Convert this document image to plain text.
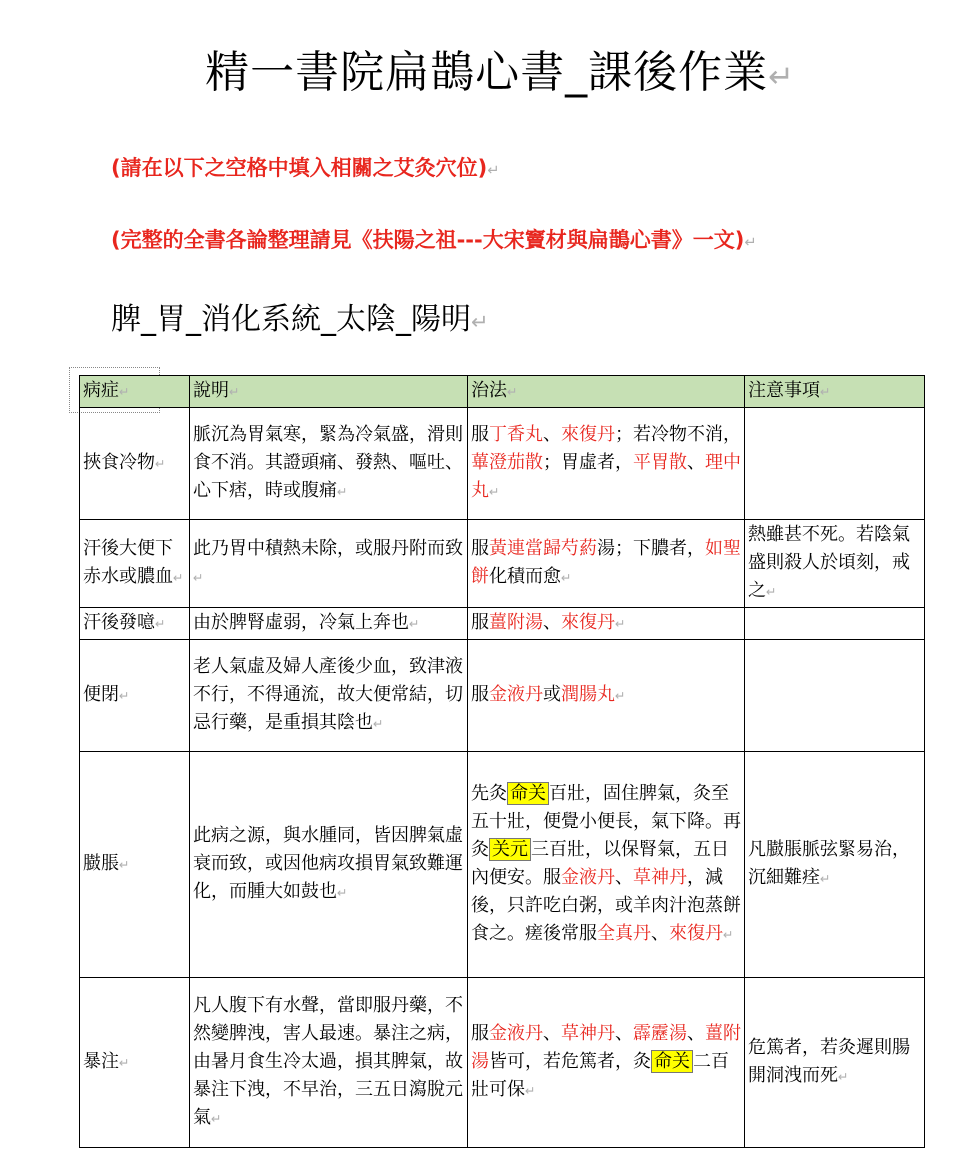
精一書院扁鵲心書_課後作業↵
(請在以下之空格中填入相關之艾灸穴位)↵
(完整的全書各論整理請見《扶陽之祖---大宋竇材與扁鵲心書》一文)↵
脾_胃_消化系統_太陰_陽明↵
病症↵	說明↵	治法↵	注意事項↵
挾食冷物↵	脈沉為胃氣寒，緊為冷氣盛，滑則食不消。其證頭痛、發熱、嘔吐、心下痞，時或腹痛↵	服丁香丸、來復丹；若冷物不消，蓽澄茄散；胃虛者，平胃散、理中丸↵	
汗後大便下赤水或膿血↵	此乃胃中積熱未除，或服丹附而致↵	服黃連當歸芍葯湯；下膿者，如聖餅化積而愈↵	熱雖甚不死。若陰氣盛則殺人於頃刻，戒之↵
汗後發噫↵	由於脾腎虛弱，冷氣上奔也↵	服薑附湯、來復丹↵	
便閉↵	老人氣虛及婦人產後少血，致津液不行，不得通流，故大便常結，切忌行藥，是重損其陰也↵	服金液丹或潤腸丸↵	
臌脹↵	此病之源，與水腫同，皆因脾氣虛衰而致，或因他病攻損胃氣致難運化，而腫大如鼓也↵	先灸 命关 百壯，固住脾氣，灸至五十壯，便覺小便長，氣下降。再灸 关元 三百壯，以保腎氣，五日內便安。服金液丹、草神丹，減後，只許吃白粥，或羊肉汁泡蒸餅食之。瘥後常服全真丹、來復丹↵	凡臌脹脈弦緊易治，沉細難痊↵
暴注↵	凡人腹下有水聲，當即服丹藥，不然變脾洩，害人最速。暴注之病，由暑月食生冷太過，損其脾氣，故暴注下洩，不早治，三五日瀉脫元氣↵	服金液丹、草神丹、霹靂湯、薑附湯皆可，若危篤者，灸 命关 二百壯可保↵	危篤者，若灸遲則腸開洞洩而死↵
